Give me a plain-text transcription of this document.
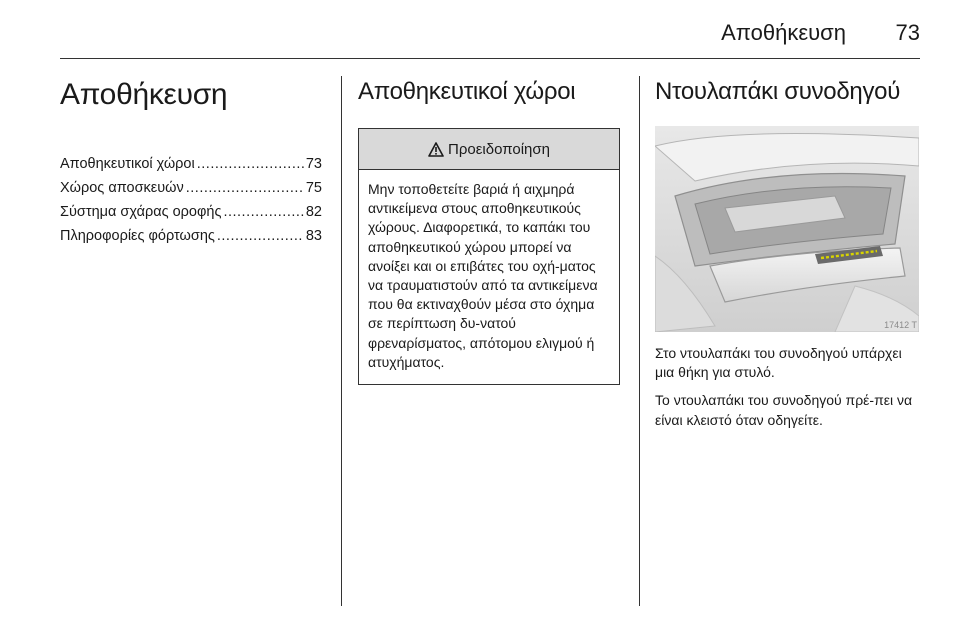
Αποθήκευση 73
Αποθήκευση
Αποθηκευτικοί χώροι .....	73
Χώρος αποσκευών .....	75
Σύστημα σχάρας οροφής .....	82
Πληροφορίες φόρτωσης .....	83
Αποθηκευτικοί χώροι
Προειδοποίηση
Μην τοποθετείτε βαριά ή αιχμηρά αντικείμενα στους αποθηκευτικούς χώρους. Διαφορετικά, το καπάκι του αποθηκευτικού χώρου μπορεί να ανοίξει και οι επιβάτες του οχή-ματος να τραυματιστούν από τα αντικείμενα που θα εκτιναχθούν μέσα στο όχημα σε περίπτωση δυ-νατού φρεναρίσματος, απότομου ελιγμού ή ατυχήματος.
Ντουλαπάκι συνοδηγού
17412 T

Στο ντουλαπάκι του συνοδηγού υπάρχει μια θήκη για στυλό.

Το ντουλαπάκι του συνοδηγού πρέ-πει να είναι κλειστό όταν οδηγείτε.
